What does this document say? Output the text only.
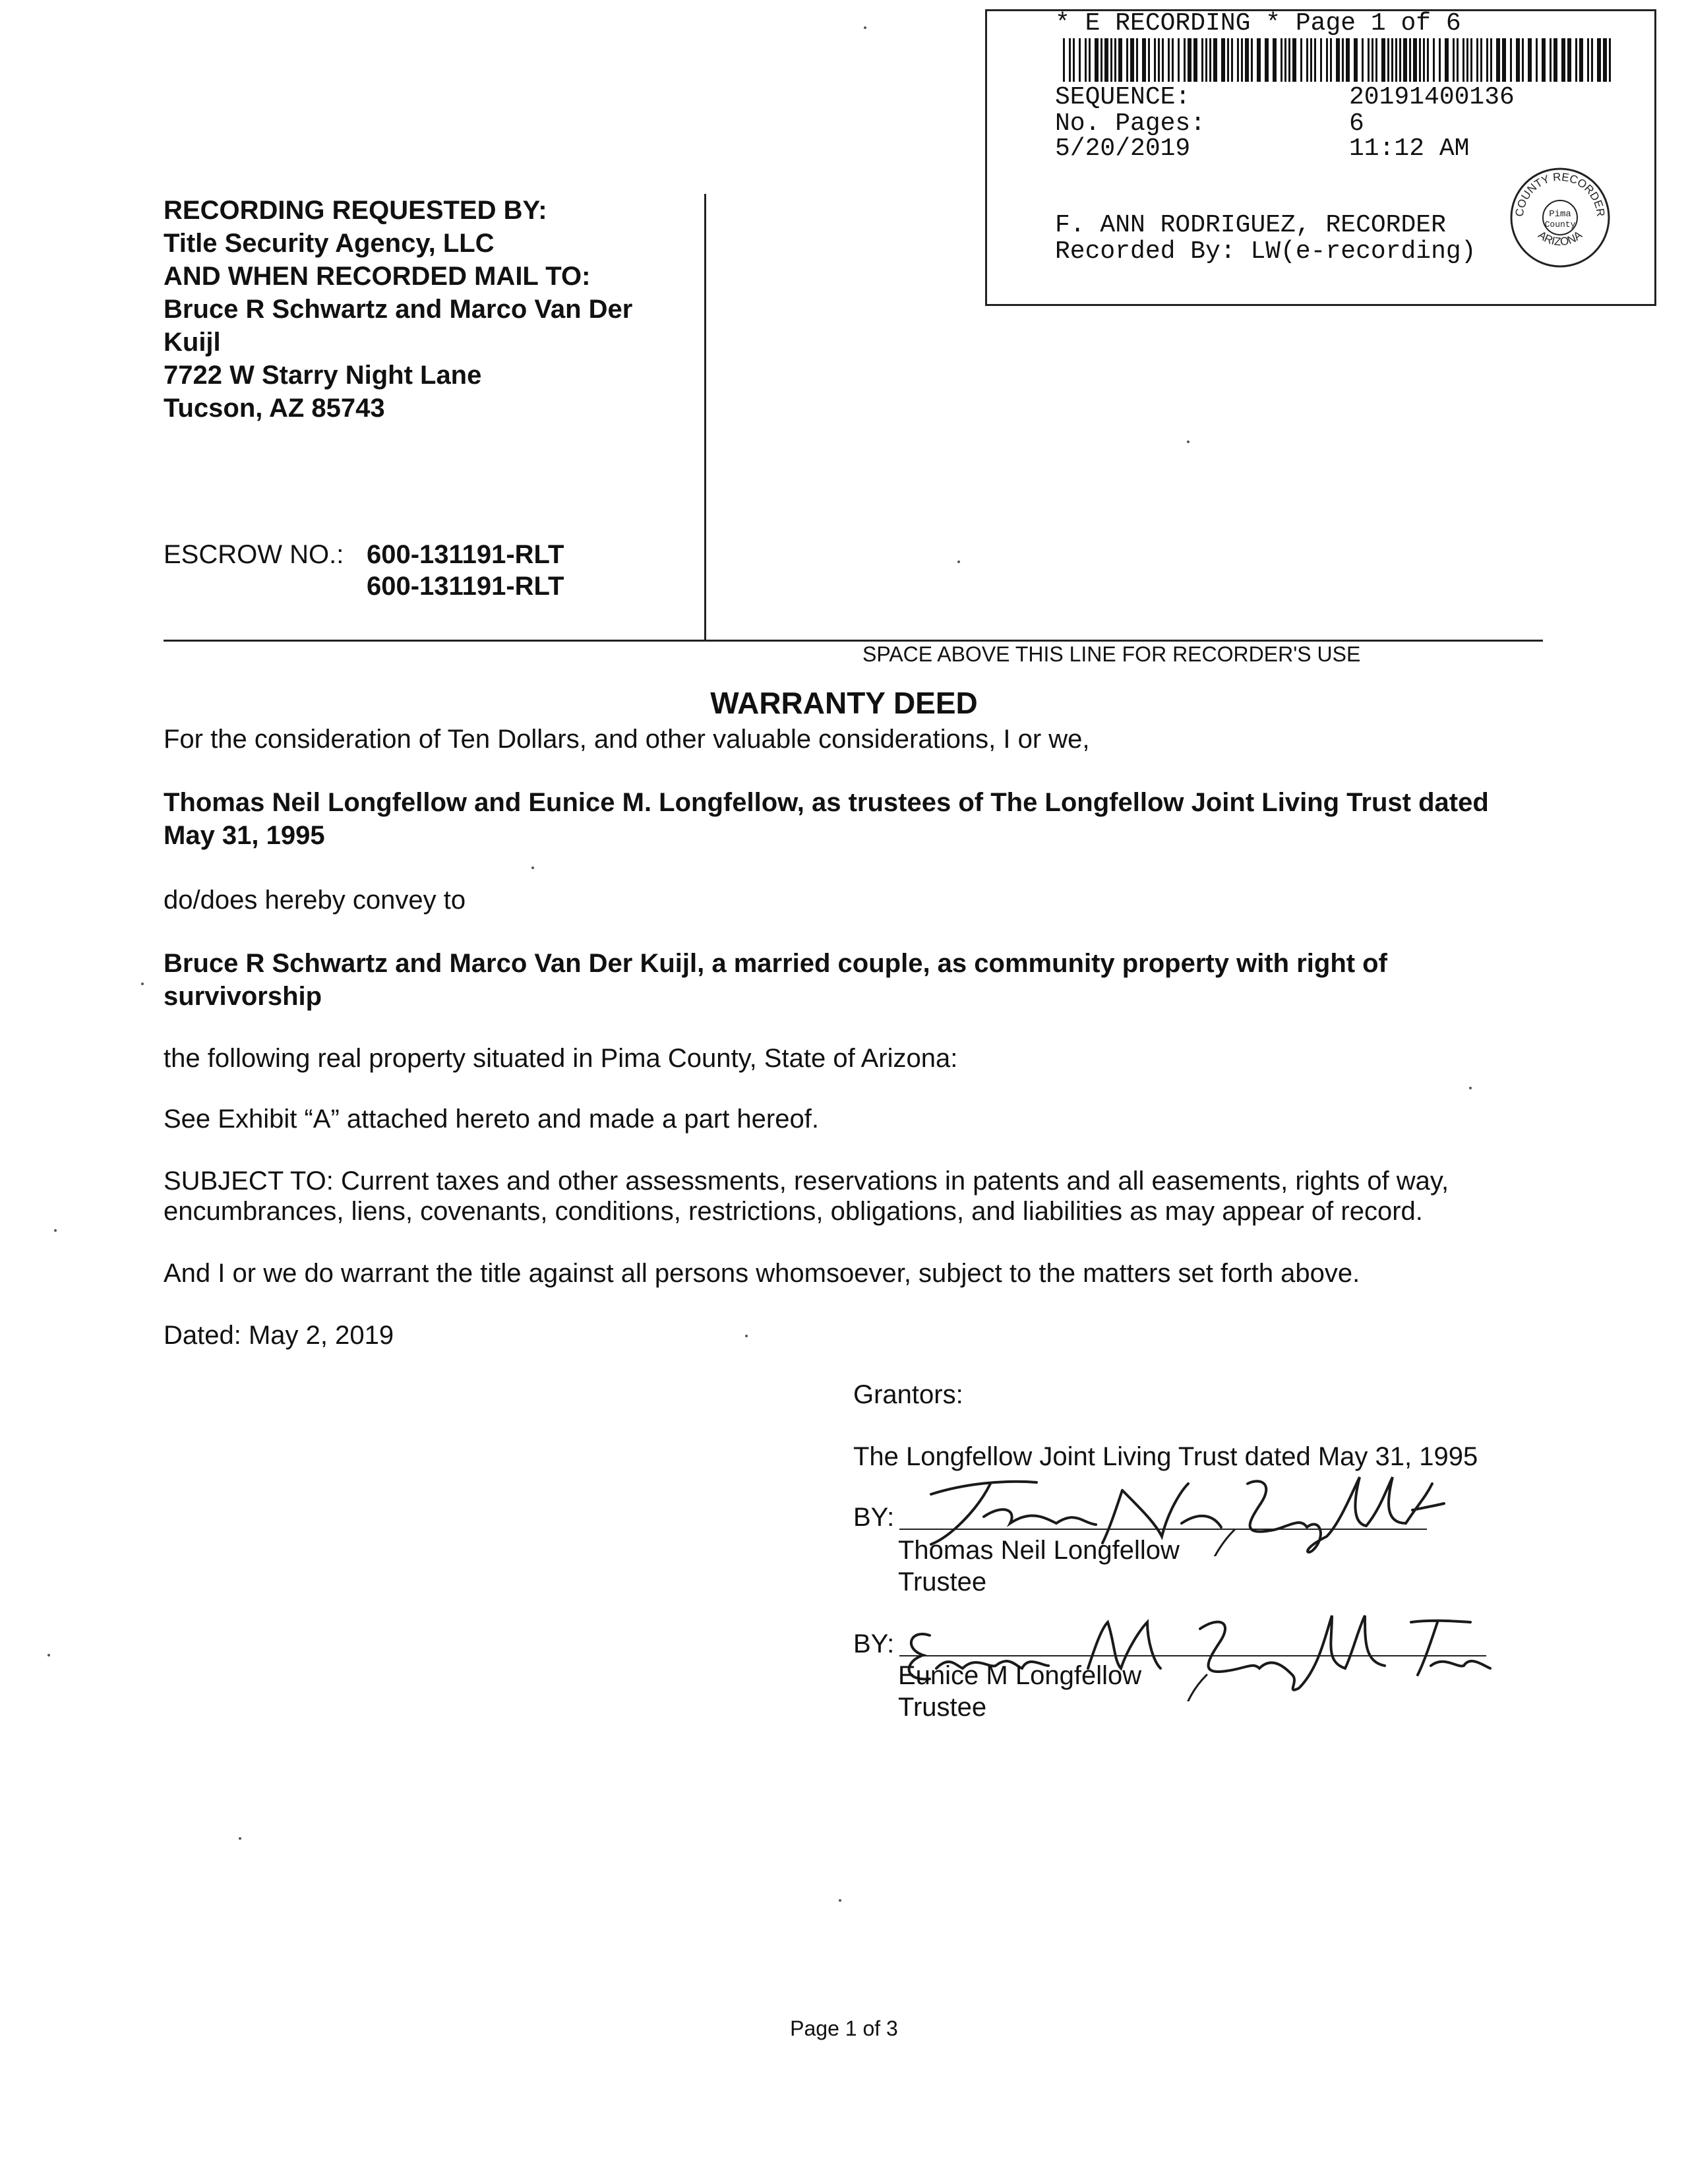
* E RECORDING * Page 1 of 6
SEQUENCE:	20191400136
No. Pages:	6
5/20/2019	11:12 AM
F. ANN RODRIGUEZ, RECORDER
Recorded By: LW(e-recording)
COUNTY RECORDER
ARIZONA
Pima
County
RECORDING REQUESTED BY:
Title Security Agency, LLC
AND WHEN RECORDED MAIL TO:
Bruce R Schwartz and Marco Van Der
Kuijl
7722 W Starry Night Lane
Tucson, AZ 85743
ESCROW NO.: 600-131191-RLT
600-131191-RLT
SPACE ABOVE THIS LINE FOR RECORDER'S USE
WARRANTY DEED
For the consideration of Ten Dollars, and other valuable considerations, I or we,
Thomas Neil Longfellow and Eunice M. Longfellow, as trustees of The Longfellow Joint Living Trust dated
May 31, 1995
do/does hereby convey to
Bruce R Schwartz and Marco Van Der Kuijl, a married couple, as community property with right of
survivorship
the following real property situated in Pima County, State of Arizona:
See Exhibit “A” attached hereto and made a part hereof.
SUBJECT TO: Current taxes and other assessments, reservations in patents and all easements, rights of way,
encumbrances, liens, covenants, conditions, restrictions, obligations, and liabilities as may appear of record.
And I or we do warrant the title against all persons whomsoever, subject to the matters set forth above.
Dated: May 2, 2019
Grantors:
The Longfellow Joint Living Trust dated May 31, 1995
BY:
Thomas Neil Longfellow
Trustee
BY:
Eunice M Longfellow
Trustee
Page 1 of 3
